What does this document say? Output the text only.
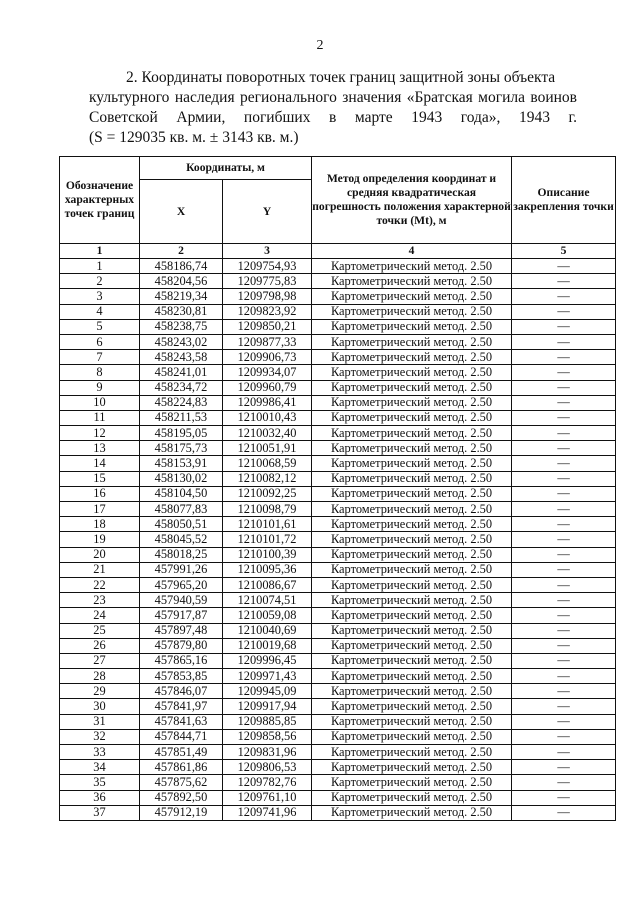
2
2. Координаты поворотных точек границ защитной зоны объекта
культурного наследия регионального значения «Братская могила воинов
Советской Армии, погибших в марте 1943 года», 1943 г.
(S = 129035 кв. м. ± 3143 кв. м.)
Обозначение характерных точек границ	Координаты, м		Метод определения координат и средняя квадратическая погрешность положения характерной точки (Mt), м	Описание закрепления точки
	X	Y		
1	2	3	4	5
1	458186,74	1209754,93	Картометрический метод. 2.50	—
2	458204,56	1209775,83	Картометрический метод. 2.50	—
3	458219,34	1209798,98	Картометрический метод. 2.50	—
4	458230,81	1209823,92	Картометрический метод. 2.50	—
5	458238,75	1209850,21	Картометрический метод. 2.50	—
6	458243,02	1209877,33	Картометрический метод. 2.50	—
7	458243,58	1209906,73	Картометрический метод. 2.50	—
8	458241,01	1209934,07	Картометрический метод. 2.50	—
9	458234,72	1209960,79	Картометрический метод. 2.50	—
10	458224,83	1209986,41	Картометрический метод. 2.50	—
11	458211,53	1210010,43	Картометрический метод. 2.50	—
12	458195,05	1210032,40	Картометрический метод. 2.50	—
13	458175,73	1210051,91	Картометрический метод. 2.50	—
14	458153,91	1210068,59	Картометрический метод. 2.50	—
15	458130,02	1210082,12	Картометрический метод. 2.50	—
16	458104,50	1210092,25	Картометрический метод. 2.50	—
17	458077,83	1210098,79	Картометрический метод. 2.50	—
18	458050,51	1210101,61	Картометрический метод. 2.50	—
19	458045,52	1210101,72	Картометрический метод. 2.50	—
20	458018,25	1210100,39	Картометрический метод. 2.50	—
21	457991,26	1210095,36	Картометрический метод. 2.50	—
22	457965,20	1210086,67	Картометрический метод. 2.50	—
23	457940,59	1210074,51	Картометрический метод. 2.50	—
24	457917,87	1210059,08	Картометрический метод. 2.50	—
25	457897,48	1210040,69	Картометрический метод. 2.50	—
26	457879,80	1210019,68	Картометрический метод. 2.50	—
27	457865,16	1209996,45	Картометрический метод. 2.50	—
28	457853,85	1209971,43	Картометрический метод. 2.50	—
29	457846,07	1209945,09	Картометрический метод. 2.50	—
30	457841,97	1209917,94	Картометрический метод. 2.50	—
31	457841,63	1209885,85	Картометрический метод. 2.50	—
32	457844,71	1209858,56	Картометрический метод. 2.50	—
33	457851,49	1209831,96	Картометрический метод. 2.50	—
34	457861,86	1209806,53	Картометрический метод. 2.50	—
35	457875,62	1209782,76	Картометрический метод. 2.50	—
36	457892,50	1209761,10	Картометрический метод. 2.50	—
37	457912,19	1209741,96	Картометрический метод. 2.50	—
